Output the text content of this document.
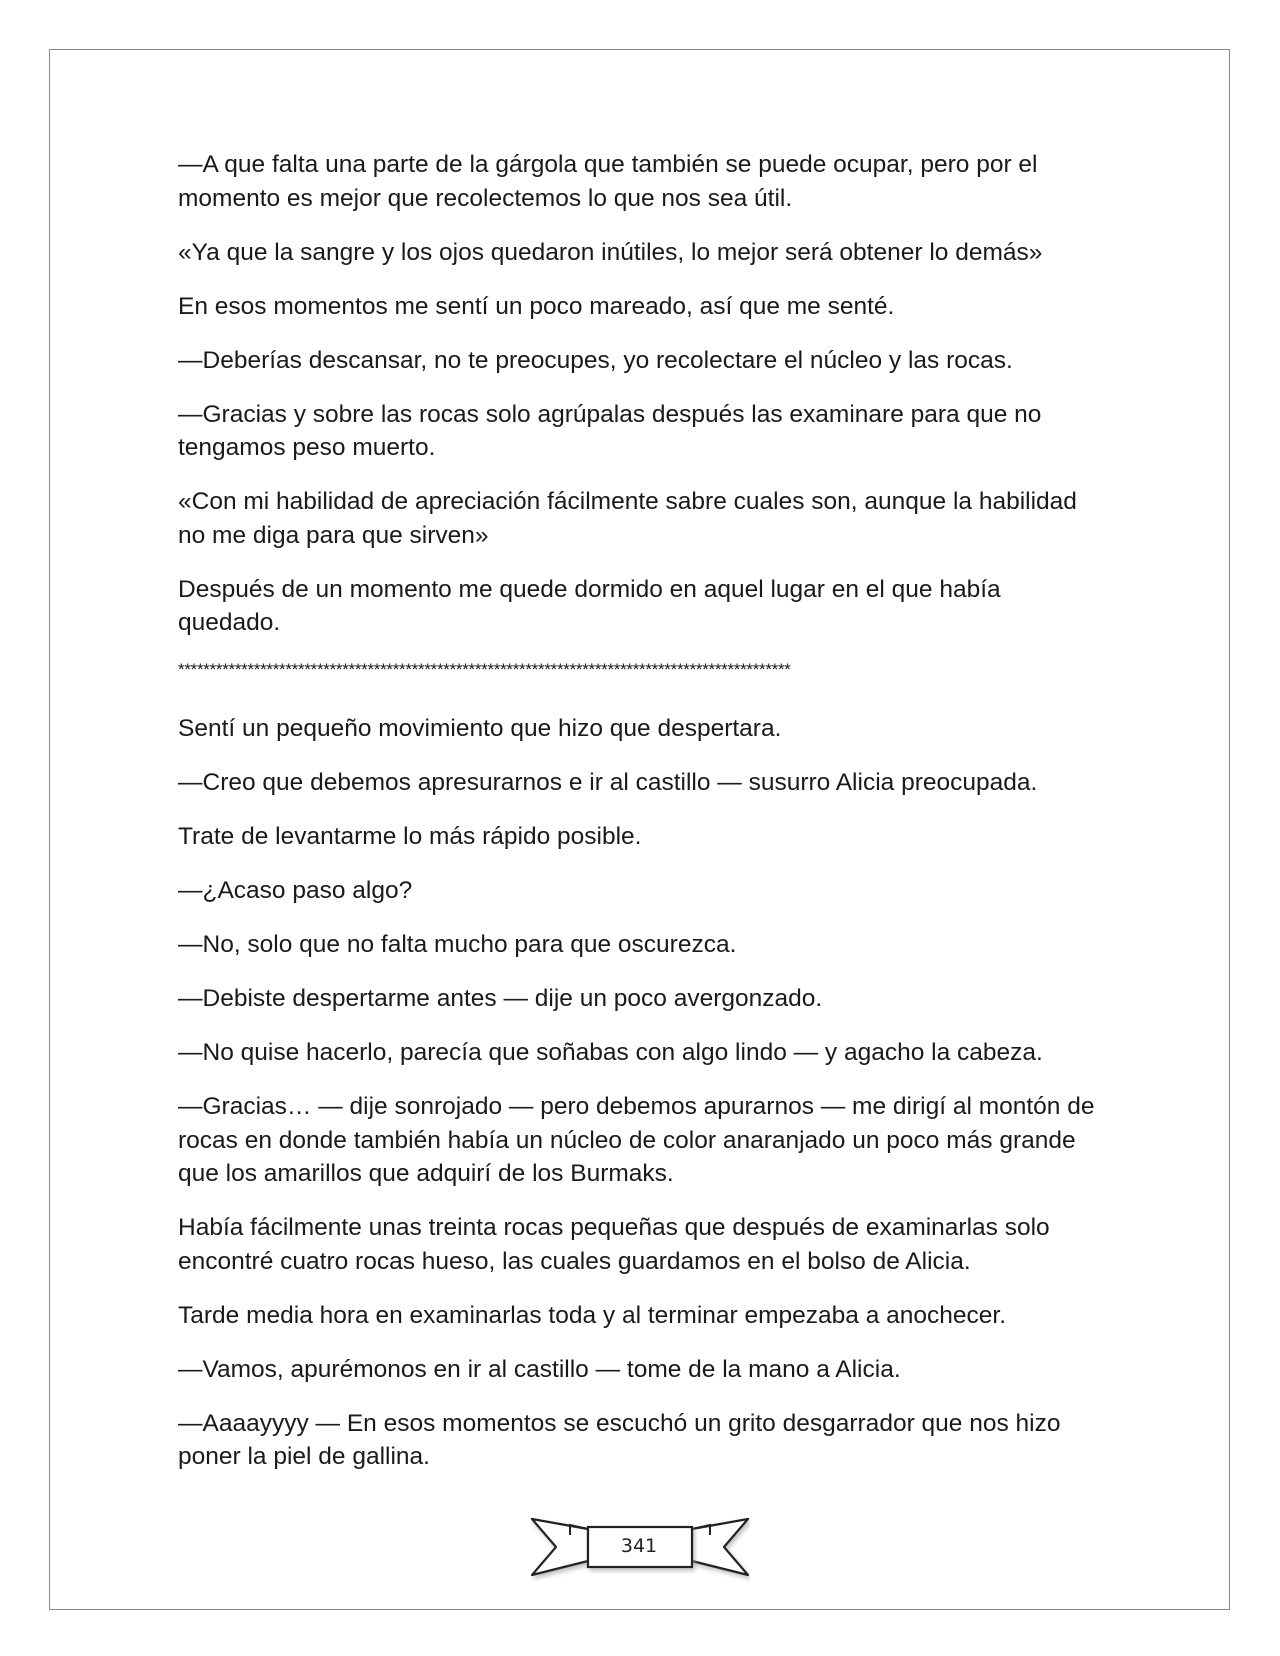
—A que falta una parte de la gárgola que también se puede ocupar, pero por el momento es mejor que recolectemos lo que nos sea útil.

«Ya que la sangre y los ojos quedaron inútiles, lo mejor será obtener lo demás»

En esos momentos me sentí un poco mareado, así que me senté.

—Deberías descansar, no te preocupes, yo recolectare el núcleo y las rocas.

—Gracias y sobre las rocas solo agrúpalas después las examinare para que no tengamos peso muerto.

«Con mi habilidad de apreciación fácilmente sabre cuales son, aunque la habilidad no me diga para que sirven»

Después de un momento me quede dormido en aquel lugar en el que había quedado.

*************************************************************************************************

Sentí un pequeño movimiento que hizo que despertara.

—Creo que debemos apresurarnos e ir al castillo — susurro Alicia preocupada.

Trate de levantarme lo más rápido posible.

—¿Acaso paso algo?

—No, solo que no falta mucho para que oscurezca.

—Debiste despertarme antes — dije un poco avergonzado.

—No quise hacerlo, parecía que soñabas con algo lindo — y agacho la cabeza.

—Gracias… — dije sonrojado — pero debemos apurarnos — me dirigí al montón de rocas en donde también había un núcleo de color anaranjado un poco más grande que los amarillos que adquirí de los Burmaks.

Había fácilmente unas treinta rocas pequeñas que después de examinarlas solo encontré cuatro rocas hueso, las cuales guardamos en el bolso de Alicia.

Tarde media hora en examinarlas toda y al terminar empezaba a anochecer.

—Vamos, apurémonos en ir al castillo — tome de la mano a Alicia.

—Aaaayyyy — En esos momentos se escuchó un grito desgarrador que nos hizo poner la piel de gallina.

341
